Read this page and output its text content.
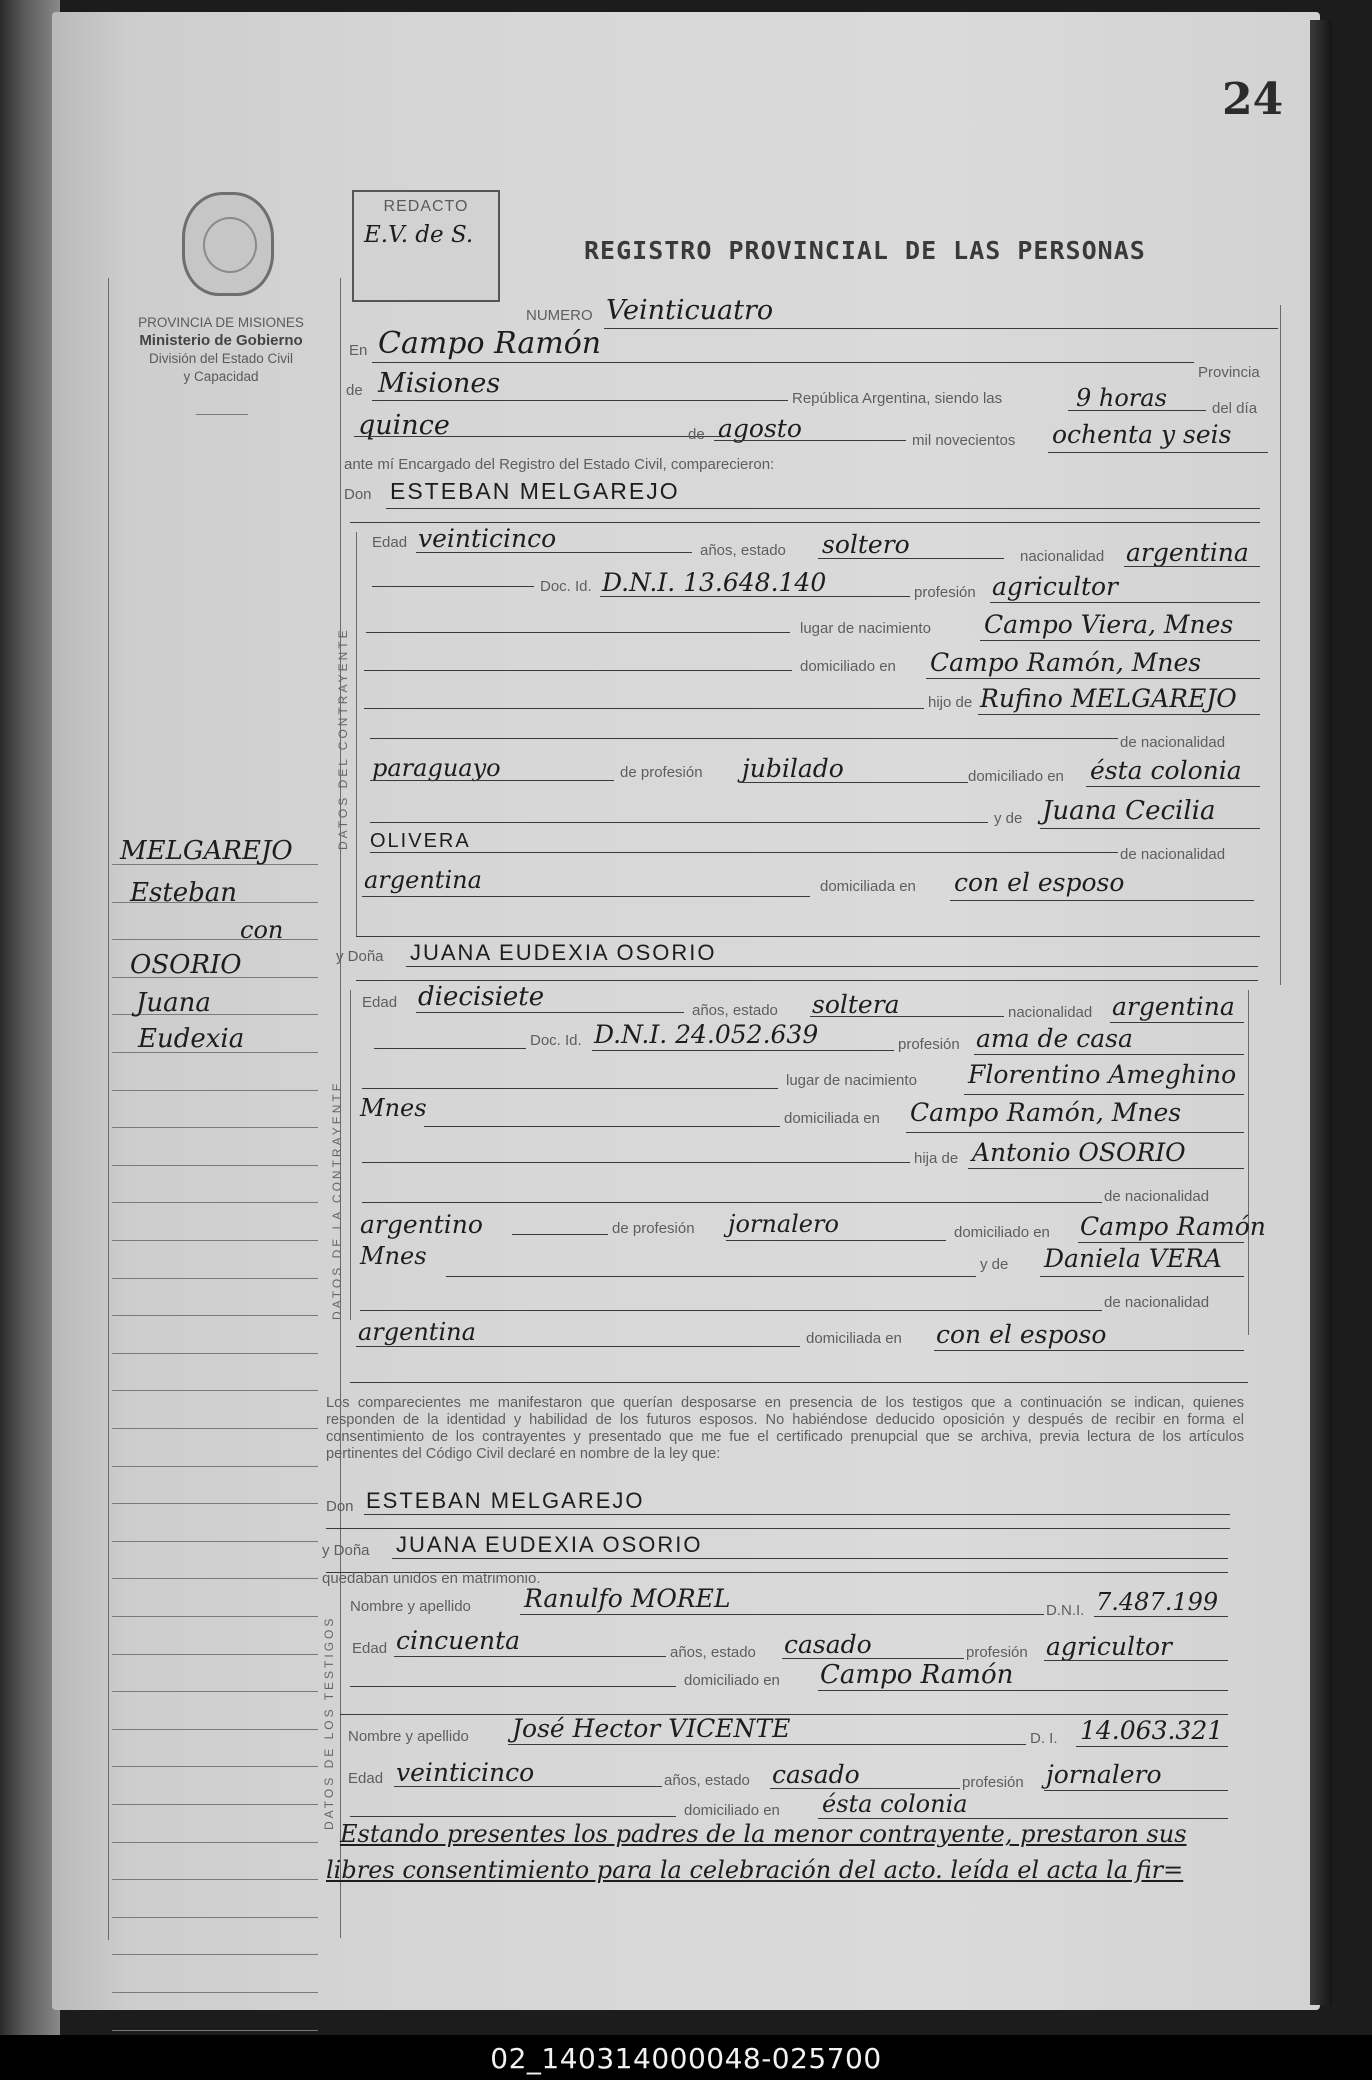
24
PROVINCIA DE MISIONES
Ministerio de Gobierno
División del Estado Civil
y Capacidad
REDACTO
E.V. de S.
REGISTRO PROVINCIAL DE LAS PERSONAS
MELGAREJO
Esteban
con
OSORIO
Juana
Eudexia
NUMERO Veinticuatro
En Campo Ramón
Provincia
de Misiones	República Argentina, siendo las	9 horas	del día
quince	de agosto	mil novecientos ochenta y seis
ante mí Encargado del Registro del Estado Civil, comparecieron:
Don ESTEBAN MELGAREJO
DATOS DEL CONTRAYENTE
Edad veinticinco	años, estado soltero	nacionalidad argentina
Doc. Id. D.N.I. 13.648.140	profesión agricultor
lugar de nacimiento Campo Viera, Mnes
domiciliado en Campo Ramón, Mnes
hijo de Rufino MELGAREJO
de nacionalidad
paraguayo	de profesión jubilado	domiciliado en ésta colonia
y de Juana Cecilia
OLIVERA
de nacionalidad
argentina	domiciliada en con el esposo
y Doña JUANA EUDEXIA OSORIO
DATOS DE LA CONTRAYENTE
Edad diecisiete	años, estado soltera	nacionalidad argentina
Doc. Id. D.N.I. 24.052.639	profesión ama de casa
lugar de nacimiento Florentino Ameghino
Mnes	domiciliada en Campo Ramón, Mnes
hija de Antonio OSORIO
de nacionalidad
argentino	de profesión jornalero	domiciliado en Campo Ramón
Mnes	y de Daniela VERA
de nacionalidad
argentina	domiciliada en con el esposo
Los comparecientes me manifestaron que querían desposarse en presencia de los testigos que a continuación se indican, quienes responden de la identidad y habilidad de los futuros esposos. No habiéndose deducido oposición y después de recibir en forma el consentimiento de los contrayentes y presentado que me fue el certificado prenupcial que se archiva, previa lectura de los artículos pertinentes del Código Civil declaré en nombre de la ley que:
Don ESTEBAN MELGAREJO
y Doña JUANA EUDEXIA OSORIO
quedaban unidos en matrimonio.
DATOS DE LOS TESTIGOS
Nombre y apellido Ranulfo MOREL	D.N.I. 7.487.199
Edad cincuenta	años, estado casado	profesión agricultor
domiciliado en Campo Ramón
Nombre y apellido José Hector VICENTE	D. I. 14.063.321
Edad veinticinco	años, estado casado	profesión jornalero
domiciliado en ésta colonia
Estando presentes los padres de la menor contrayente, prestaron sus
libres consentimiento para la celebración del acto. leída el acta la fir=
02_140314000048-025700
